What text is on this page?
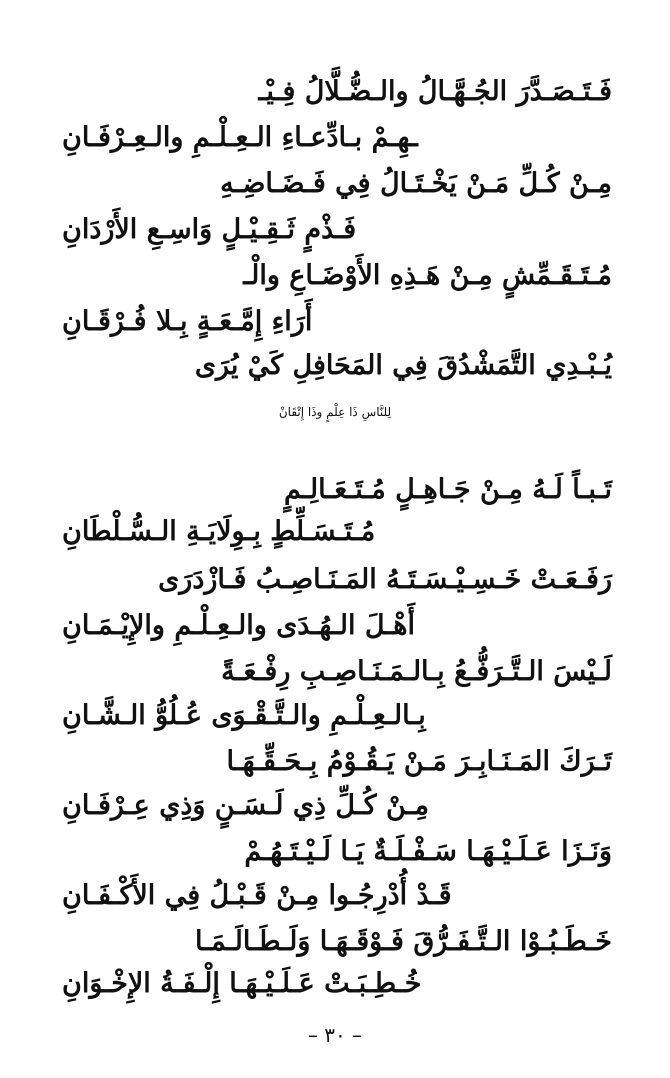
فَـتَـصَـدَّرَ الجُـهَّـالُ والـضُّـلَّالُ فِـيْـ
ـهِـمْ بـادِّعـاءِ الـعِـلْـمِ والـعِـرْفَـانِ
مِـنْ كُـلِّ مَـنْ يَخْـتَـالُ فِي فَـضَـاضِـهِ
فَـذْمٍ ثَـقِـيْـلٍ وَاسِـعِ الأَرْدَانِ
مُـتَـقَـمِّشٍ مِـنْ هَـذِهِ الأَوْضَـاعِ والْـ
أَرَاءِ إِمَّـعَـةٍ بِـلا فُـرْقَـانِ
يُـبْـدِي التَّمَشْدُقَ فِي المَحَافِلِ كَيْ يُرَى
لِلنَّاسِ ذَا عِلْمٍ وذَا إِتْقَانْ
تَـبـاً لَـهُ مِـنْ جَـاهِـلٍ مُـتَـعَـالِـمٍ
مُـتَـسَـلِّطٍ بِـوِلَايَـةِ الـسُّـلْطَانِ
رَفَـعَـتْ خَـسِـيْـسَـتَـهُ المَـنَـاصِـبُ فَـازْدَرَى
أَهْـلَ الـهُـدَى والـعِـلْـمِ والإِيْـمَـانِ
لَـيْسَ الـتَّـرَفُّـعُ بِـالـمَـنَـاصِـبِ رِفْـعَـةً
بِـالـعِـلْـمِ والـتَّـقْـوَى عُـلُوُّ الـشَّـانِ
تَـرَكَ المَـنَـابِـرَ مَـنْ يَـقُـوْمُ بِـحَـقِّـهَـا
مِـنْ كُـلِّ ذِي لَـسَـنٍ وَذِي عِـرْفَـانِ
وَنَـزَا عَـلَـيْـهَـا سَـفْـلَـةٌ يَـا لَـيْـتَـهُـمْ
قَـدْ أُدْرِجُـوا مِـنْ قَـبْـلُ فِي الأَكْـفَـانِ
خَـطَـبُـوْا الـتَّـفَـرُّقَ فَـوْقَـهَـا وَلَـطَـالَـمَـا
خُـطِـبَـتْ عَـلَـيْـهَـا إِلْـفَـةُ الإِخْـوَانِ
– ٣٠ –
